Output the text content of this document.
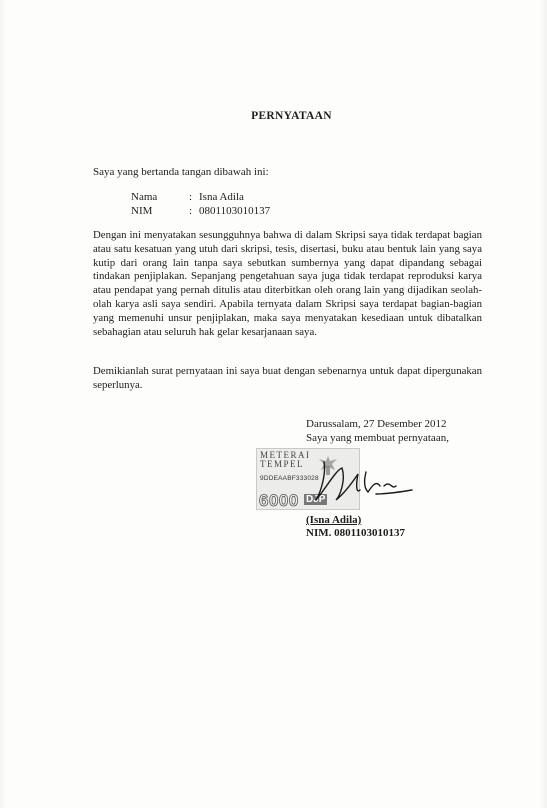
PERNYATAAN
Saya yang bertanda tangan dibawah ini:
Nama	: Isna Adila
NIM	: 0801103010137
Dengan ini menyatakan sesungguhnya bahwa di dalam Skripsi saya tidak terdapat bagian atau satu kesatuan yang utuh dari skripsi, tesis, disertasi, buku atau bentuk lain yang saya kutip dari orang lain tanpa saya sebutkan sumbernya yang dapat dipandang sebagai tindakan penjiplakan. Sepanjang pengetahuan saya juga tidak terdapat reproduksi karya atau pendapat yang pernah ditulis atau diterbitkan oleh orang lain yang dijadikan seolah-olah karya asli saya sendiri. Apabila ternyata dalam Skripsi saya terdapat bagian-bagian yang memenuhi unsur penjiplakan, maka saya menyatakan kesediaan untuk dibatalkan sebahagian atau seluruh hak gelar kesarjanaan saya.
Demikianlah surat pernyataan ini saya buat dengan sebenarnya untuk dapat dipergunakan seperlunya.
Darussalam, 27 Desember 2012
Saya yang membuat pernyataan,
METERAI
TEMPEL
9DDEAABF333028
6000 DJP
(Isna Adila)
NIM. 0801103010137
